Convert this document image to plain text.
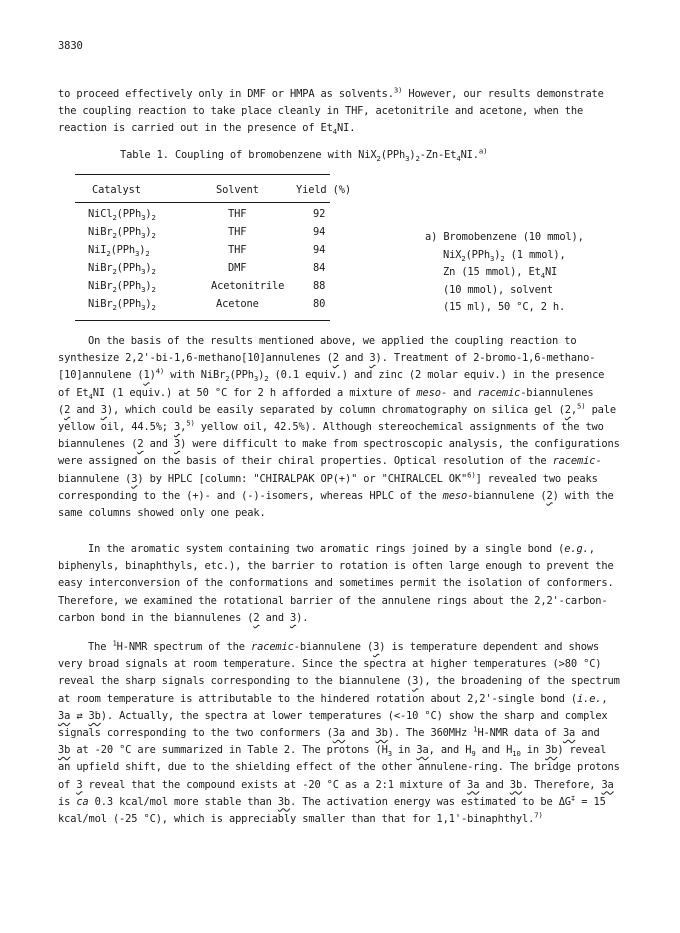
3830
to proceed effectively only in DMF or HMPA as solvents.$^{3)}$ However, our results demonstrate
the coupling reaction to take place cleanly in THF, acetonitrile and acetone, when the
reaction is carried out in the presence of $Et_4NI$.
Table 1. Coupling of bromobenzene with $NiX_2(PPh_3)_2-Zn-Et_4NI.^{a)}$
Catalyst	Solvent	Yield (%)
$NiCl_2(PPh_3)_2$	THF	92
$NiBr_2(PPh_3)_2$	THF	94
$NiI_2(PPh_3)_2$	THF	94
$NiBr_2(PPh_3)_2$	DMF	84
$NiBr_2(PPh_3)_2$	Acetonitrile	88
$NiBr_2(PPh_3)_2$	Acetone	80
a) Bromobenzene (10 mmol),
$NiX_2(PPh_3)_2$ (1 mmol),
Zn (15 mmol), $Et_4NI$
(10 mmol), solvent
(15 ml), 50 °C, 2 h.
On the basis of the results mentioned above, we applied the coupling reaction to
synthesize 2,2'-bi-1,6-methano[10]annulenes (2 and 3). Treatment of 2-bromo-1,6-methano-
[10]annulene $(1)^{4)}$ with $NiBr_2(PPh_3)_2$ (0.1 equiv.) and zinc (2 molar equiv.) in the presence
of $Et_4NI$ (1 equiv.) at 50 °C for 2 h afforded a mixture of meso- and racemic-biannulenes
(2 and 3), which could be easily separated by column chromatography on silica gel (2,$^{5)}$ pale
yellow oil, 44.5%; 3,$^{5)}$ yellow oil, 42.5%). Although stereochemical assignments of the two
biannulenes (2 and 3) were difficult to make from spectroscopic analysis, the configurations
were assigned on the basis of their chiral properties. Optical resolution of the racemic-
biannulene (3) by HPLC [column: "CHIRALPAK OP(+)" or "CHIRALCEL OK"$^{6)}$] revealed two peaks
corresponding to the (+)- and (-)-isomers, whereas HPLC of the meso-biannulene (2) with the
same columns showed only one peak.
In the aromatic system containing two aromatic rings joined by a single bond (e.g.,
biphenyls, binaphthyls, etc.), the barrier to rotation is often large enough to prevent the
easy interconversion of the conformations and sometimes permit the isolation of conformers.
Therefore, we examined the rotational barrier of the annulene rings about the 2,2'-carbon-
carbon bond in the biannulenes (2 and 3).
The $^1$H-NMR spectrum of the racemic-biannulene (3) is temperature dependent and shows
very broad signals at room temperature. Since the spectra at higher temperatures (>80 °C)
reveal the sharp signals corresponding to the biannulene (3), the broadening of the spectrum
at room temperature is attributable to the hindered rotation about 2,2'-single bond (i.e.,
3a ⇄ 3b). Actually, the spectra at lower temperatures (<-10 °C) show the sharp and complex
signals corresponding to the two conformers (3a and 3b). The 360MHz $^1$H-NMR data of 3a and
3b at -20 °C are summarized in Table 2. The protons ($H_3$ in 3a, and $H_9$ and $H_{10}$ in 3b) reveal
an upfield shift, due to the shielding effect of the other annulene-ring. The bridge protons
of 3 reveal that the compound exists at -20 °C as a 2:1 mixture of 3a and 3b. Therefore, 3a
is ca 0.3 kcal/mol more stable than 3b. The activation energy was estimated to be ΔG‡ = 15
kcal/mol (-25 °C), which is appreciably smaller than that for 1,1'-binaphthyl.$^{7)}$
